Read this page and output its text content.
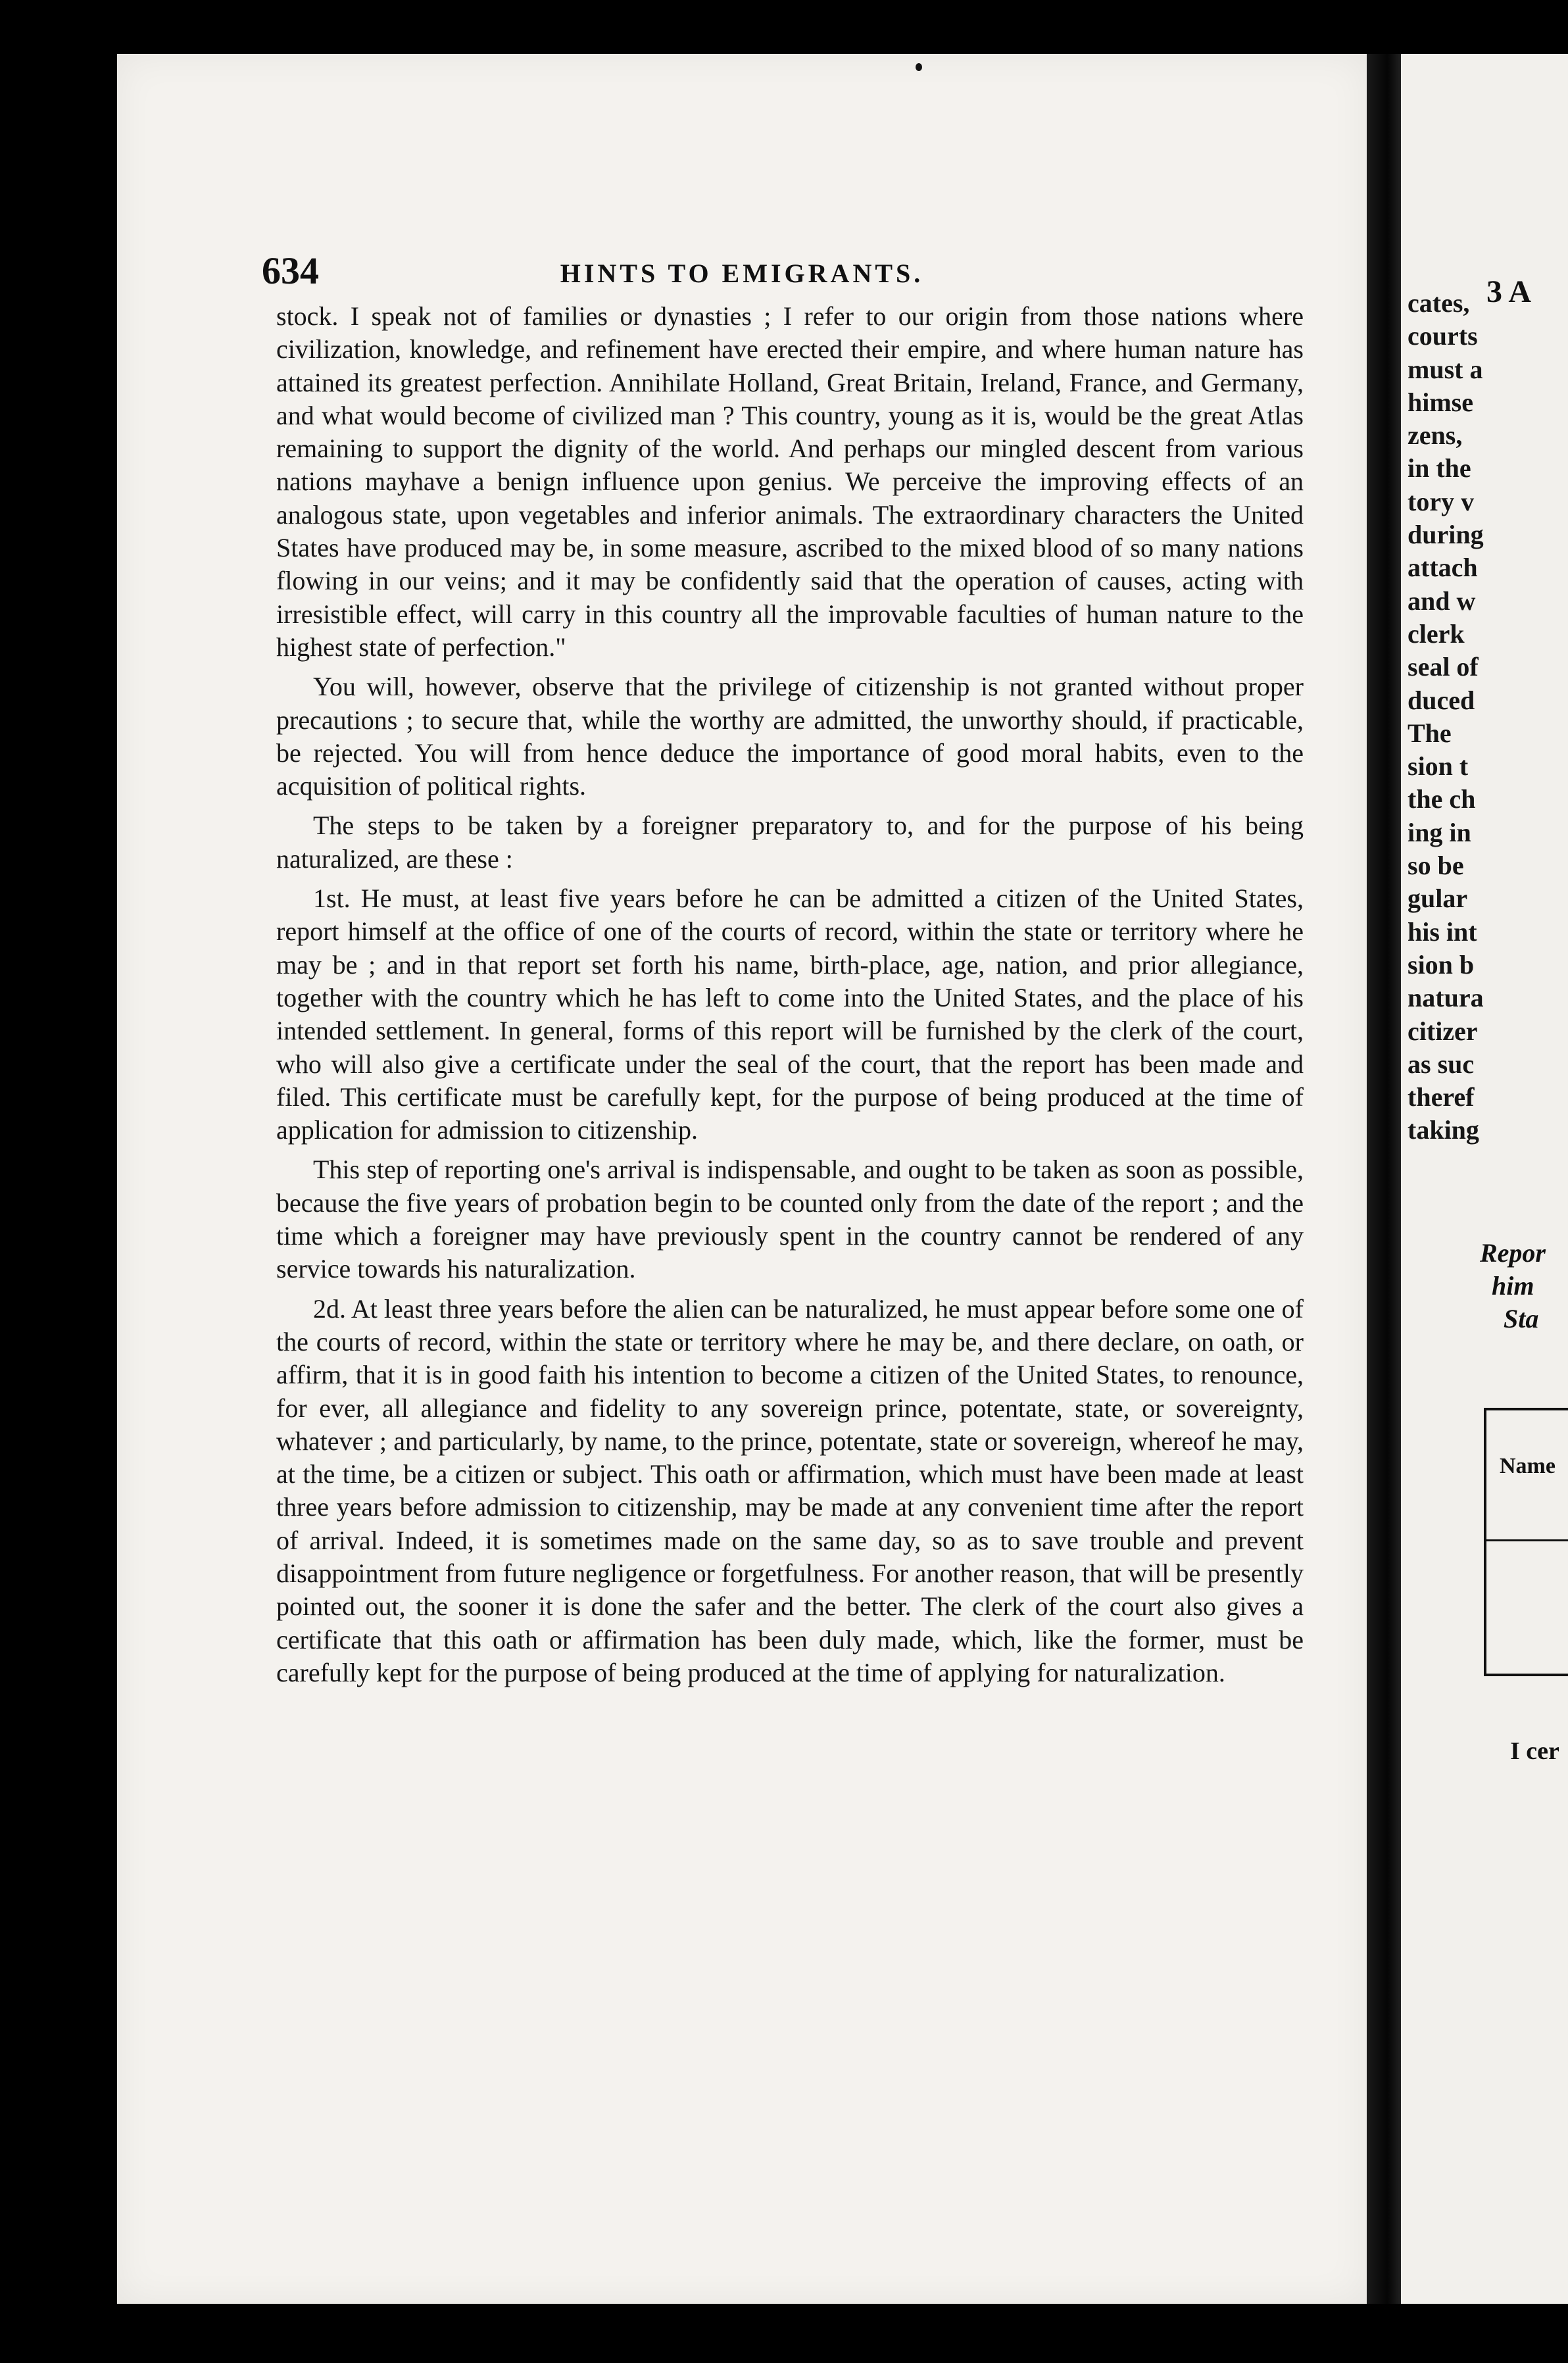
634	HINTS TO EMIGRANTS.

stock. I speak not of families or dynasties ; I refer to our origin from those nations where civilization, knowledge, and refinement have erected their empire, and where human nature has attained its greatest perfection. Annihilate Holland, Great Britain, Ireland, France, and Germany, and what would become of civilized man ? This country, young as it is, would be the great Atlas remaining to support the dignity of the world. And perhaps our mingled descent from various nations mayhave a benign influence upon genius. We perceive the improving effects of an analogous state, upon vegetables and inferior animals. The extraordinary characters the United States have produced may be, in some measure, ascribed to the mixed blood of so many nations flowing in our veins; and it may be confidently said that the operation of causes, acting with irresistible effect, will carry in this country all the improvable faculties of human nature to the highest state of perfection."

You will, however, observe that the privilege of citizenship is not granted without proper precautions ; to secure that, while the worthy are admitted, the unworthy should, if practicable, be rejected. You will from hence deduce the importance of good moral habits, even to the acquisition of political rights.

The steps to be taken by a foreigner preparatory to, and for the purpose of his being naturalized, are these :

1st. He must, at least five years before he can be admitted a citizen of the United States, report himself at the office of one of the courts of record, within the state or territory where he may be ; and in that report set forth his name, birth-place, age, nation, and prior allegiance, together with the country which he has left to come into the United States, and the place of his intended settlement. In general, forms of this report will be furnished by the clerk of the court, who will also give a certificate under the seal of the court, that the report has been made and filed. This certificate must be carefully kept, for the purpose of being produced at the time of application for admission to citizenship.

This step of reporting one's arrival is indispensable, and ought to be taken as soon as possible, because the five years of probation begin to be counted only from the date of the report ; and the time which a foreigner may have previously spent in the country cannot be rendered of any service towards his naturalization.

2d. At least three years before the alien can be naturalized, he must appear before some one of the courts of record, within the state or territory where he may be, and there declare, on oath, or affirm, that it is in good faith his intention to become a citizen of the United States, to renounce, for ever, all allegiance and fidelity to any sovereign prince, potentate, state, or sovereignty, whatever ; and particularly, by name, to the prince, potentate, state or sovereign, whereof he may, at the time, be a citizen or subject. This oath or affirmation, which must have been made at least three years before admission to citizenship, may be made at any convenient time after the report of arrival. Indeed, it is sometimes made on the same day, so as to save trouble and prevent disappointment from future negligence or forgetfulness. For another reason, that will be presently pointed out, the sooner it is done the safer and the better. The clerk of the court also gives a certificate that this oath or affirmation has been duly made, which, like the former, must be carefully kept for the purpose of being produced at the time of applying for naturalization.

3 A
cates,
courts
must a
himse
zens,
in the
tory v
during
attach
and w
clerk
seal of
duced
The
sion t
the ch
ing in
so be
gular
his int
sion b
natura
citizer
as suc
theref
taking
Repor
him
Sta
Name
I cer
